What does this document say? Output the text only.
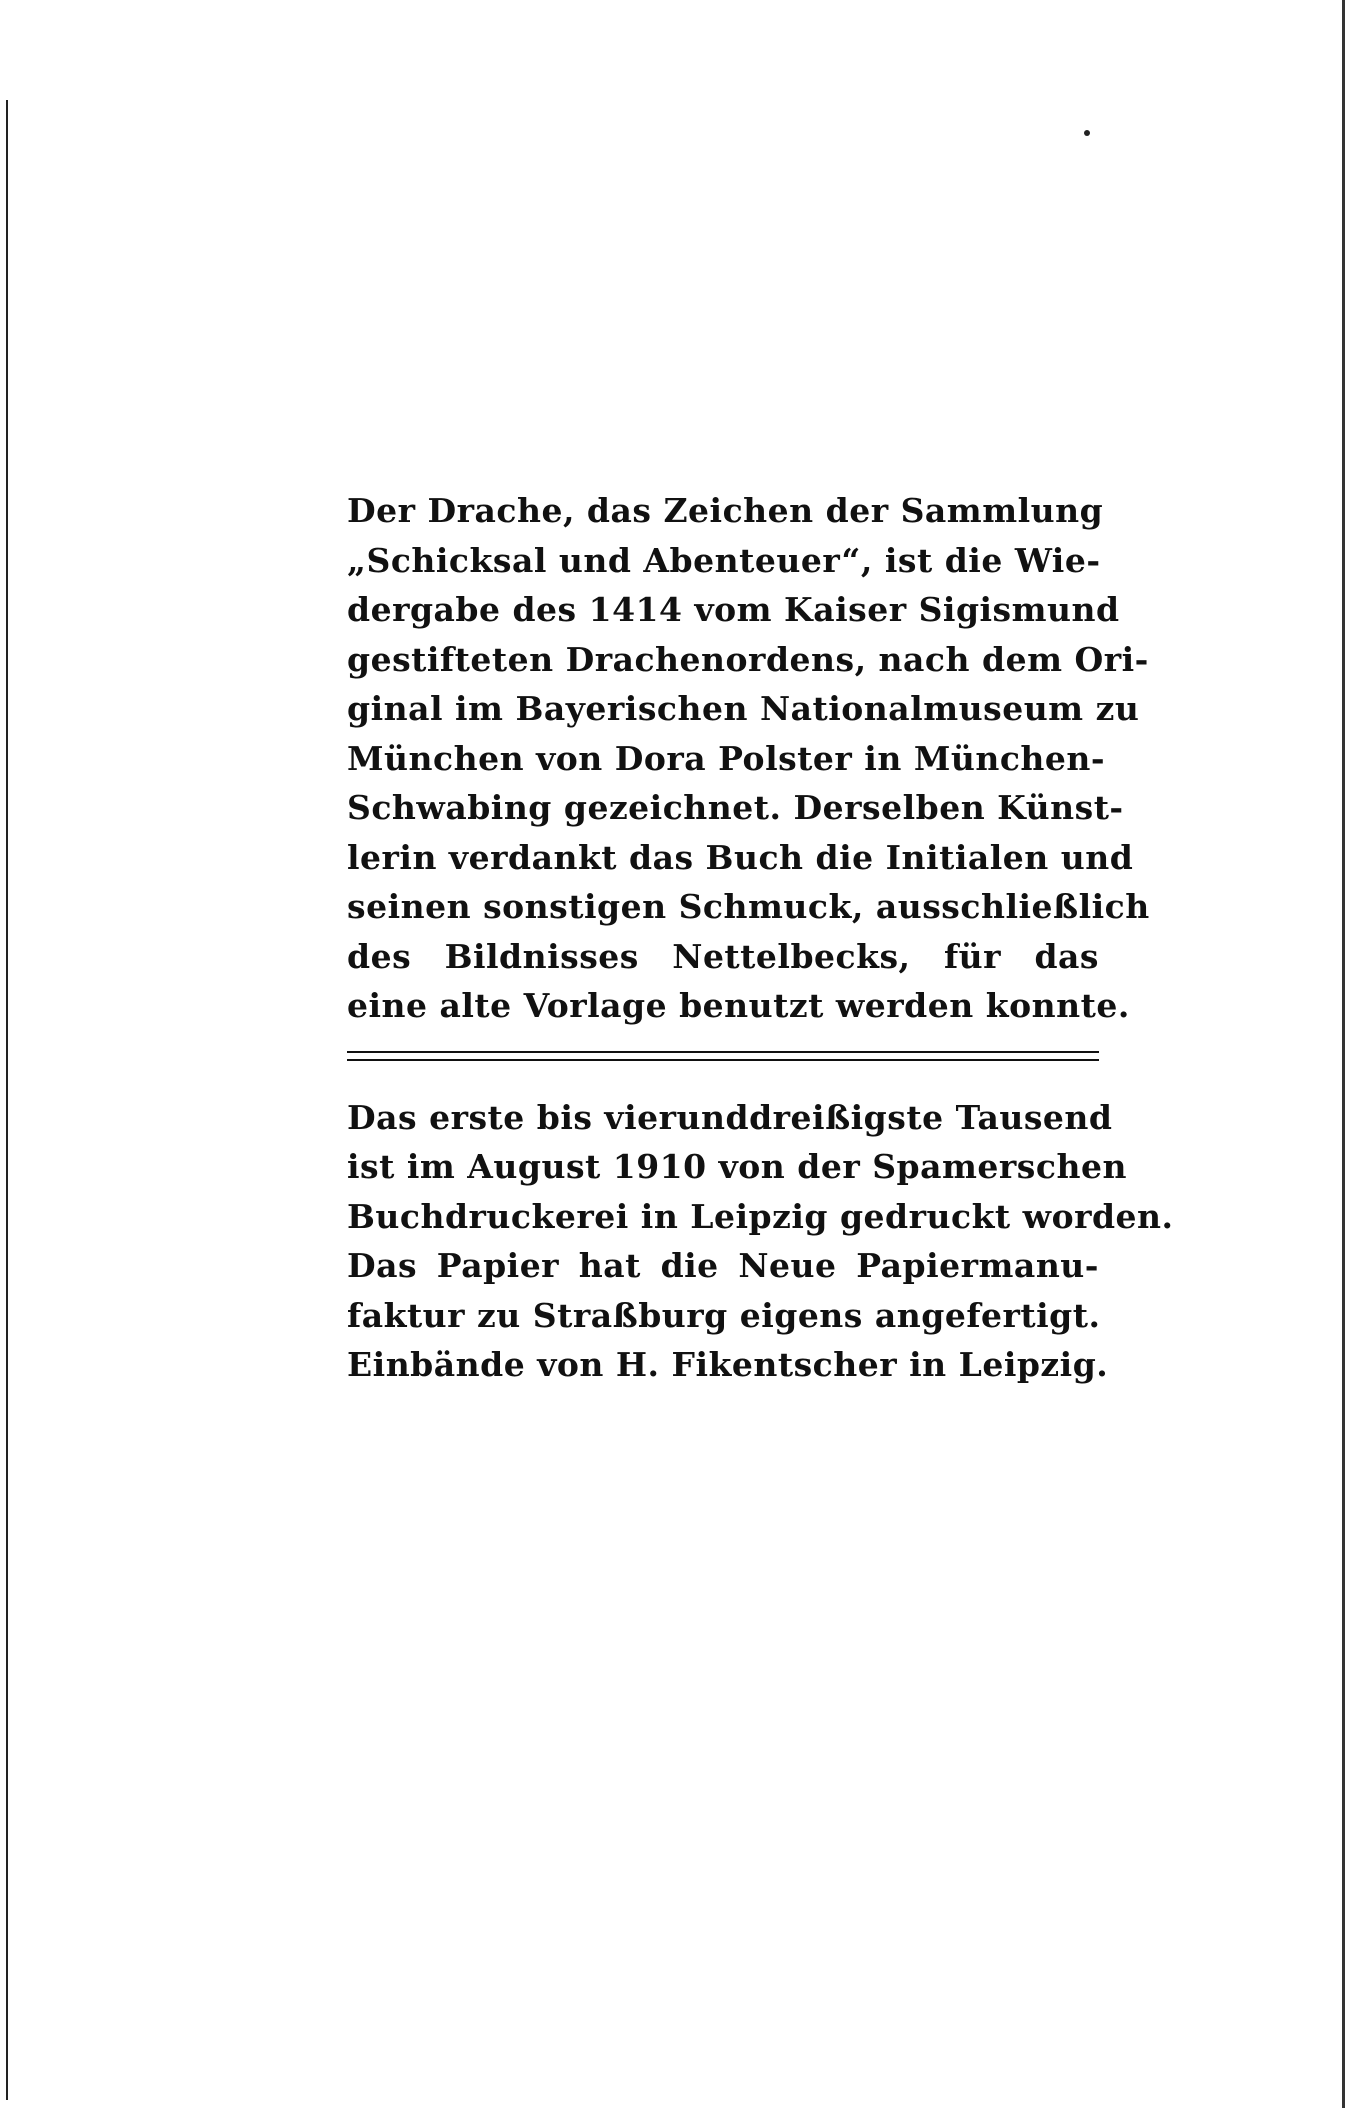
Der Drache, das Zeichen der Sammlung
„Schicksal und Abenteuer“, ist die Wie-
dergabe des 1414 vom Kaiser Sigismund
gestifteten Drachenordens, nach dem Ori-
ginal im Bayerischen Nationalmuseum zu
München von Dora Polster in München-
Schwabing gezeichnet. Derselben Künst-
lerin verdankt das Buch die Initialen und
seinen sonstigen Schmuck, ausschließlich
des Bildnisses Nettelbecks, für das
eine alte Vorlage benutzt werden konnte.
Das erste bis vierunddreißigste Tausend
ist im August 1910 von der Spamerschen
Buchdruckerei in Leipzig gedruckt worden.
Das Papier hat die Neue Papiermanu-
faktur zu Straßburg eigens angefertigt.
Einbände von H. Fikentscher in Leipzig.
